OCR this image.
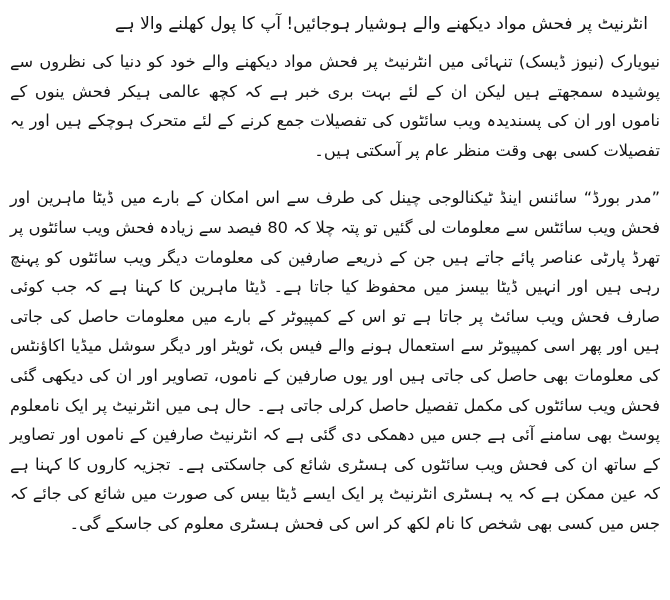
انٹرنیٹ پر فحش مواد دیکھنے والے ہوشیار ہوجائیں! آپ کا پول کھلنے والا ہے

نیویارک (نیوز ڈیسک) تنہائی میں انٹرنیٹ پر فحش مواد دیکھنے والے خود کو دنیا کی نظروں سے پوشیدہ سمجھتے ہیں لیکن ان کے لئے بہت بری خبر ہے کہ کچھ عالمی ہیکر فحش ینوں کے ناموں اور ان کی پسندیدہ ویب سائٹوں کی تفصیلات جمع کرنے کے لئے متحرک ہوچکے ہیں اور یہ تفصیلات کسی بھی وقت منظر عام پر آسکتی ہیں۔

”مدر بورڈ“ سائنس اینڈ ٹیکنالوجی چینل کی طرف سے اس امکان کے بارے میں ڈیٹا ماہرین اور فحش ویب سائٹس سے معلومات لی گئیں تو پتہ چلا کہ 80 فیصد سے زیادہ فحش ویب سائٹوں پر تھرڈ پارٹی عناصر پائے جاتے ہیں جن کے ذریعے صارفین کی معلومات دیگر ویب سائٹوں کو پہنچ رہی ہیں اور انہیں ڈیٹا بیسز میں محفوظ کیا جاتا ہے۔ ڈیٹا ماہرین کا کہنا ہے کہ جب کوئی صارف فحش ویب سائٹ پر جاتا ہے تو اس کے کمپیوٹر کے بارے میں معلومات حاصل کی جاتی ہیں اور پھر اسی کمپیوٹر سے استعمال ہونے والے فیس بک، ٹویٹر اور دیگر سوشل میڈیا اکاؤنٹس کی معلومات بھی حاصل کی جاتی ہیں اور یوں صارفین کے ناموں، تصاویر اور ان کی دیکھی گئی فحش ویب سائٹوں کی مکمل تفصیل حاصل کرلی جاتی ہے۔ حال ہی میں انٹرنیٹ پر ایک نامعلوم پوسٹ بھی سامنے آئی ہے جس میں دھمکی دی گئی ہے کہ انٹرنیٹ صارفین کے ناموں اور تصاویر کے ساتھ ان کی فحش ویب سائٹوں کی ہسٹری شائع کی جاسکتی ہے۔ تجزیہ کاروں کا کہنا ہے کہ عین ممکن ہے کہ یہ ہسٹری انٹرنیٹ پر ایک ایسے ڈیٹا بیس کی صورت میں شائع کی جائے کہ جس میں کسی بھی شخص کا نام لکھ کر اس کی فحش ہسٹری معلوم کی جاسکے گی۔
